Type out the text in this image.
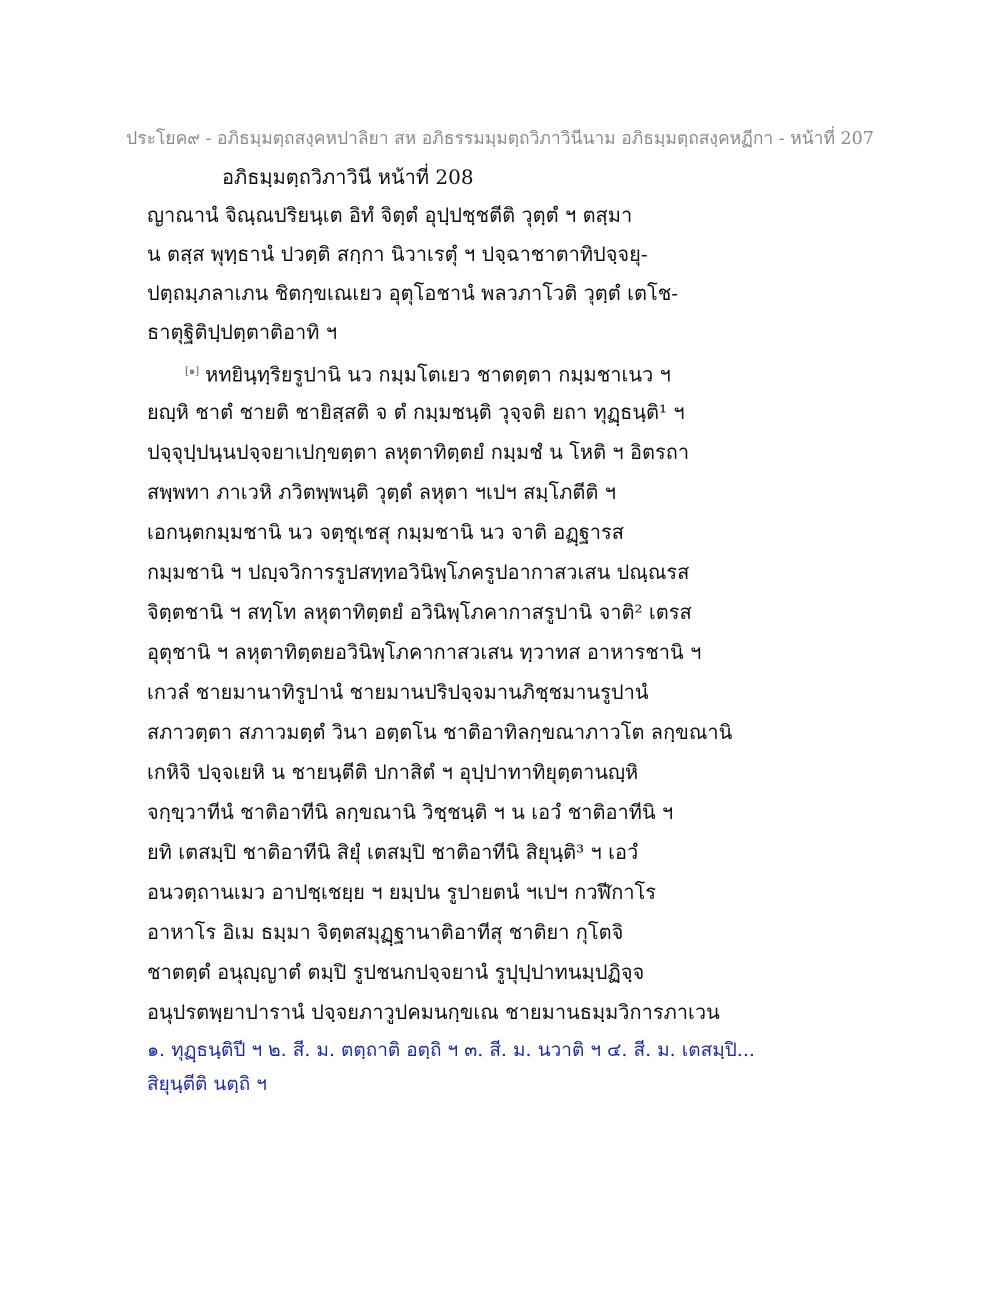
ประโยค๙ - อภิธมฺมตฺถสงฺคหปาลิยา สห อภิธรรมมฺมตฺถวิภาวินีนาม อภิธมฺมตฺถสงฺคหฏีกา - หน้าที่ 207
อภิธมฺมตฺถวิภาวินี หน้าที่ 208
ญาณานํ จิณฺณปริยนฺเต อิทํ จิตฺตํ อุปฺปชฺชตีติ วุตฺตํ ฯ ตสฺมา
น ตสฺส พุทฺธานํ ปวตฺติ สกฺกา นิวาเรตุํ ฯ ปจฺฉาชาตาทิปจฺจยุ-
ปตฺถมฺภลาเภน ชิตกฺขเณเยว อุตุโอชานํ พลวภาโวติ วุตฺตํ เตโช-
ธาตุฐิติปฺปตฺตาติอาทิ ฯ
[๑] หทยินฺทฺริยรูปานิ นว กมฺมโตเยว ชาตตฺตา กมฺมชาเนว ฯ
ยญฺหิ ชาตํ ชายติ ชายิสฺสติ จ ตํ กมฺมชนฺติ วุจฺจติ ยถา ทุฏฺธนฺติ¹ ฯ
ปจฺจุปฺปนฺนปจฺจยาเปกฺขตฺตา ลหุตาทิตฺตยํ กมฺมชํ น โหติ ฯ อิตรถา
สพฺพทา ภาเวหิ ภวิตพฺพนฺติ วุตฺตํ ลหุตา ฯเปฯ สมฺโภตีติ ฯ
เอกนฺตกมฺมชานิ นว จตฺชุเชสุ กมฺมชานิ นว จาติ อฏฺฐารส
กมฺมชานิ ฯ ปญฺจวิการรูปสทฺทอวินิพฺโภครูปอากาสวเสน ปณฺณรส
จิตฺตชานิ ฯ สทฺโท ลหุตาทิตฺตยํ อวินิพฺโภคากาสรูปานิ จาติ² เตรส
อุตุชานิ ฯ ลหุตาทิตฺตยอวินิพฺโภคากาสวเสน ทฺวาทส อาหารชานิ ฯ
เกวลํ ชายมานาทิรูปานํ ชายมานปริปจฺจมานภิชฺชมานรูปานํ
สภาวตฺตา สภาวมตฺตํ วินา อตฺตโน ชาติอาทิลกฺขณาภาวโต ลกฺขณานิ
เกหิจิ ปจฺจเยหิ น ชายนฺตีติ ปกาสิตํ ฯ อุปฺปาทาทิยุตฺตานญฺหิ
จกฺขฺวาทีนํ ชาติอาทีนิ ลกฺขณานิ วิชฺชนฺติ ฯ น เอวํ ชาติอาทีนิ ฯ
ยทิ เตสมฺปิ ชาติอาทีนิ สิยุํ เตสมฺปิ ชาติอาทีนิ สิยุนฺติ³ ฯ เอวํ
อนวตฺถานเมว อาปชฺเชยฺย ฯ ยมฺปน รูปายตนํ ฯเปฯ กวฬีกาโร
อาหาโร อิเม ธมฺมา จิตฺตสมุฏฺฐานาติอาทีสุ ชาติยา กุโตจิ
ชาตตฺตํ อนุญฺญาตํ ตมฺปิ รูปชนกปจฺจยานํ รูปุปฺปาทนมฺปฏิจฺจ
อนุปรตพฺยาปารานํ ปจฺจยภาวูปคมนกฺขเณ ชายมานธมฺมวิการภาเวน
๑. ทุฏฺธนฺติปี ฯ ๒. สี. ม. ตตฺถาติ อตฺถิ ฯ ๓. สี. ม. นวาติ ฯ ๔. สี. ม. เตสมฺปิ...
สิยุนฺตีติ นตฺถิ ฯ
